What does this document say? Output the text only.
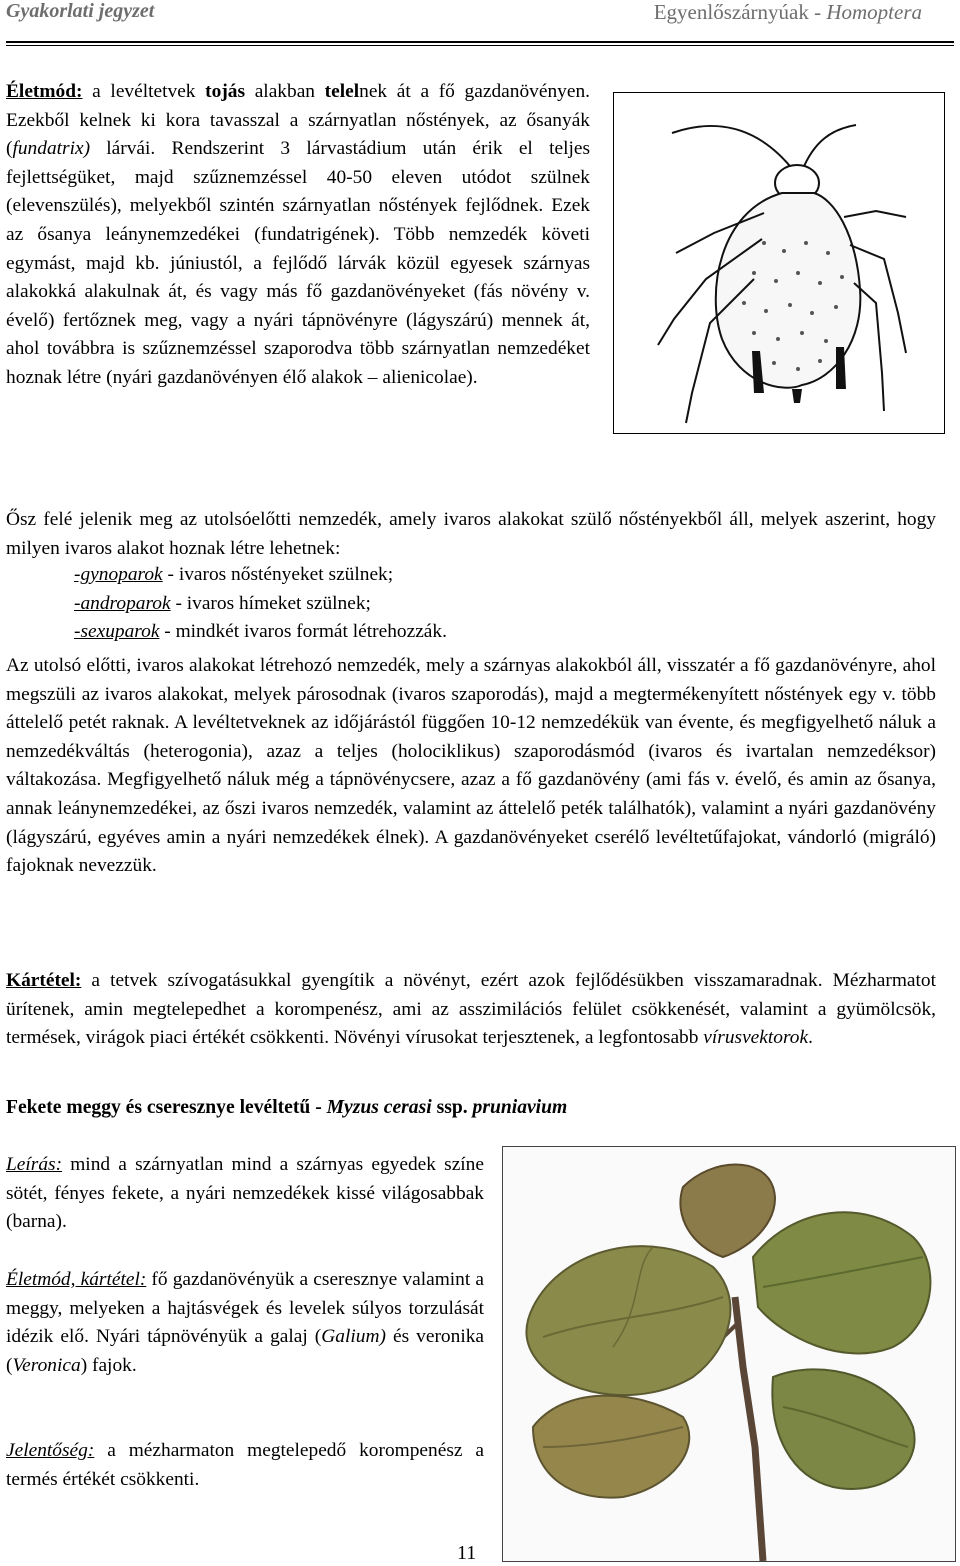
Gyakorlati jegyzet	Egyenlőszárnyúak - Homoptera

Életmód: a levéltetvek tojás alakban telelnek át a fő gazdanövényen. Ezekből kelnek ki kora tavasszal a szárnyatlan nőstények, az ősanyák (fundatrix) lárvái. Rendszerint 3 lárvastádium után érik el teljes fejlettségüket, majd szűznemzéssel 40-50 eleven utódot szülnek (elevenszülés), melyekből szintén szárnyatlan nőstények fejlődnek. Ezek az ősanya leánynemzedékei (fundatrigének). Több nemzedék követi egymást, majd kb. júniustól, a fejlődő lárvák közül egyesek szárnyas alakokká alakulnak át, és vagy más fő gazdanövényeket (fás növény v. évelő) fertőznek meg, vagy a nyári tápnövényre (lágyszárú) mennek át, ahol továbbra is szűznemzéssel szaporodva több szárnyatlan nemzedéket hoznak létre (nyári gazdanövényen élő alakok – alienicolae).

Ősz felé jelenik meg az utolsóelőtti nemzedék, amely ivaros alakokat szülő nőstényekből áll, melyek aszerint, hogy milyen ivaros alakot hoznak létre lehetnek:

-gynoparok - ivaros nőstényeket szülnek;
-androparok - ivaros hímeket szülnek;
-sexuparok - mindkét ivaros formát létrehozzák.

Az utolsó előtti, ivaros alakokat létrehozó nemzedék, mely a szárnyas alakokból áll, visszatér a fő gazdanövényre, ahol megszüli az ivaros alakokat, melyek párosodnak (ivaros szaporodás), majd a megtermékenyített nőstények egy v. több áttelelő petét raknak. A levéltetveknek az időjárástól függően 10-12 nemzedékük van évente, és megfigyelhető náluk a nemzedékváltás (heterogonia), azaz a teljes (holociklikus) szaporodásmód (ivaros és ivartalan nemzedéksor) váltakozása. Megfigyelhető náluk még a tápnövénycsere, azaz a fő gazdanövény (ami fás v. évelő, és amin az ősanya, annak leánynemzedékei, az őszi ivaros nemzedék, valamint az áttelelő peték találhatók), valamint a nyári gazdanövény (lágyszárú, egyéves amin a nyári nemzedékek élnek). A gazdanövényeket cserélő levéltetűfajokat, vándorló (migráló) fajoknak nevezzük.

Kártétel: a tetvek szívogatásukkal gyengítik a növényt, ezért azok fejlődésükben visszamaradnak. Mézharmatot ürítenek, amin megtelepedhet a korompenész, ami az asszimilációs felület csökkenését, valamint a gyümölcsök, termések, virágok piaci értékét csökkenti. Növényi vírusokat terjesztenek, a legfontosabb vírusvektorok.

Fekete meggy és cseresznye levéltetű - Myzus cerasi ssp. pruniavium

Leírás: mind a szárnyatlan mind a szárnyas egyedek színe sötét, fényes fekete, a nyári nemzedékek kissé világosabbak (barna).

Életmód, kártétel: fő gazdanövényük a cseresznye valamint a meggy, melyeken a hajtásvégek és levelek súlyos torzulását idézik elő. Nyári tápnövényük a galaj (Galium) és veronika (Veronica) fajok.

Jelentőség: a mézharmaton megtelepedő korompenész a termés értékét csökkenti.

11
